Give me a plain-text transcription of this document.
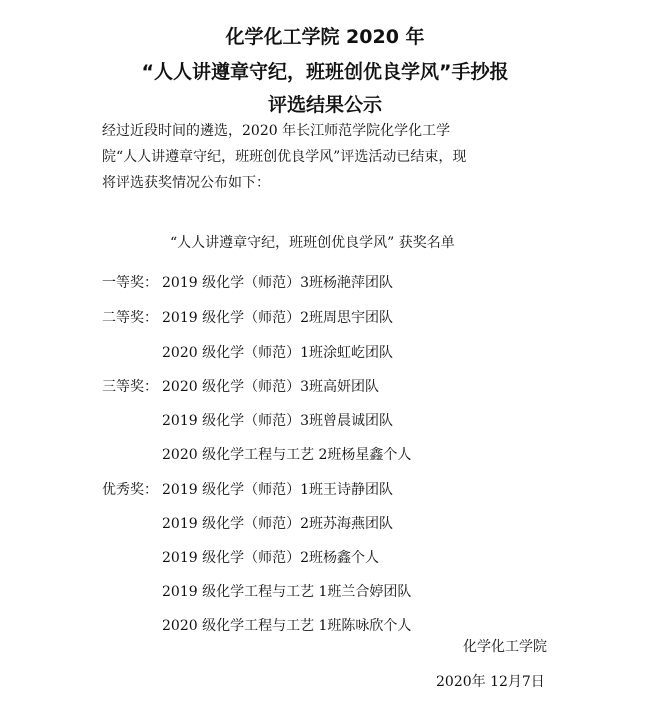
化学化工学院 2020 年
“人人讲遵章守纪，班班创优良学风”手抄报
评选结果公示
经过近段时间的遴选，2020 年长江师范学院化学化工学
院“人人讲遵章守纪，班班创优良学风”评选活动已结束，现
将评选获奖情况公布如下：
“人人讲遵章守纪，班班创优良学风” 获奖名单
一等奖： 2019 级化学（师范）3班杨滟萍团队
二等奖： 2019 级化学（师范）2班周思宇团队
2020 级化学（师范）1班涂虹屹团队
三等奖： 2020 级化学（师范）3班高妍团队
2019 级化学（师范）3班曾晨诚团队
2020 级化学工程与工艺 2班杨星鑫个人
优秀奖： 2019 级化学（师范）1班王诗静团队
2019 级化学（师范）2班苏海燕团队
2019 级化学（师范）2班杨鑫个人
2019 级化学工程与工艺 1班兰合婷团队
2020 级化学工程与工艺 1班陈咏欣个人
化学化工学院
2020年 12月7日
